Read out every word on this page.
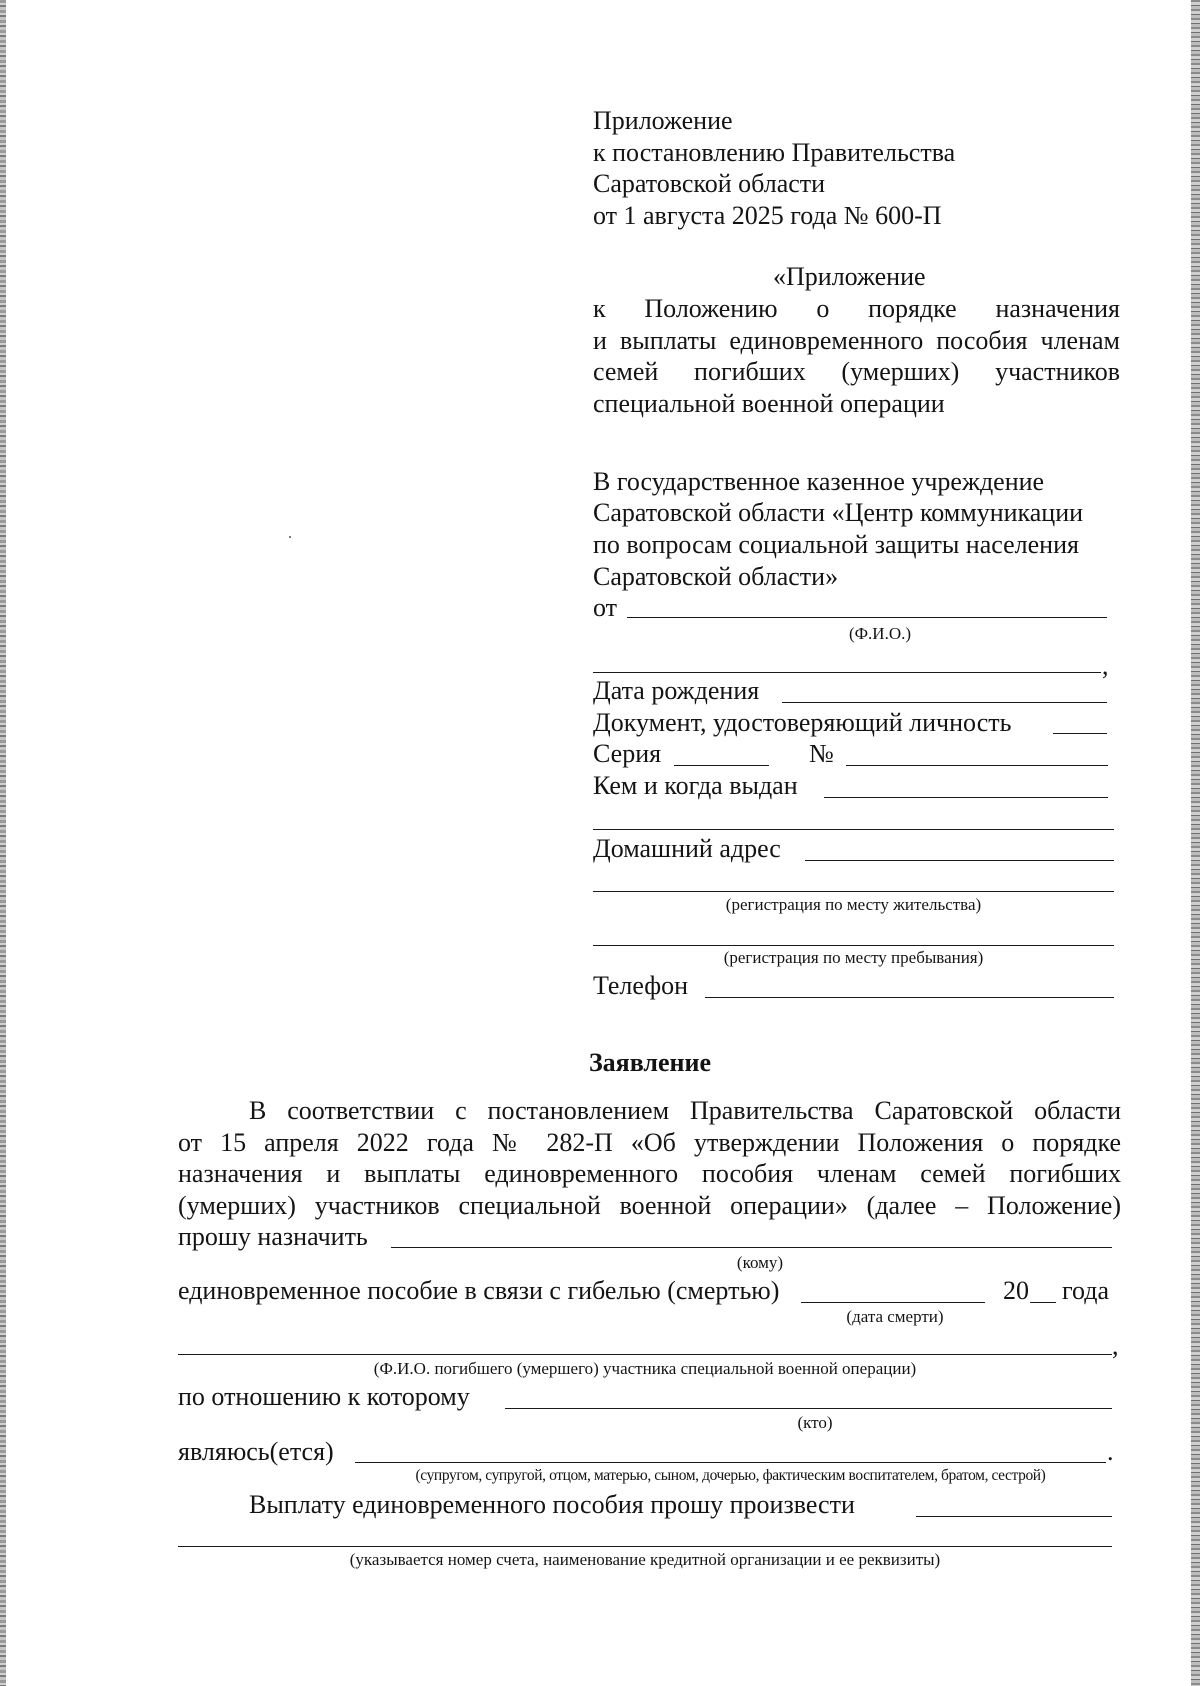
Приложение
к постановлению Правительства
Саратовской области
от 1 августа 2025 года № 600-П
«Приложение
к Положению о порядке назначения
и выплаты единовременного пособия членам
семей погибших (умерших) участников
специальной военной операции
В государственное казенное учреждение
Саратовской области «Центр коммуникации
по вопросам социальной защиты населения
Саратовской области»
от
(Ф.И.О.)
,
Дата рождения
Документ, удостоверяющий личность
Серия	№
Кем и когда выдан
Домашний адрес
(регистрация по месту жительства)
(регистрация по месту пребывания)
Телефон
Заявление
В соответствии с постановлением Правительства Саратовской области
от 15 апреля 2022 года № 282-П «Об утверждении Положения о порядке
назначения и выплаты единовременного пособия членам семей погибших
(умерших) участников специальной военной операции» (далее – Положение)
прошу назначить
(кому)
единовременное пособие в связи с гибелью (смертью)	20 года
(дата смерти)
,
(Ф.И.О. погибшего (умершего) участника специальной военной операции)
по отношению к которому
(кто)
являюсь(ется)	.
(супругом, супругой, отцом, матерью, сыном, дочерью, фактическим воспитателем, братом, сестрой)
Выплату единовременного пособия прошу произвести
(указывается номер счета, наименование кредитной организации и ее реквизиты)
